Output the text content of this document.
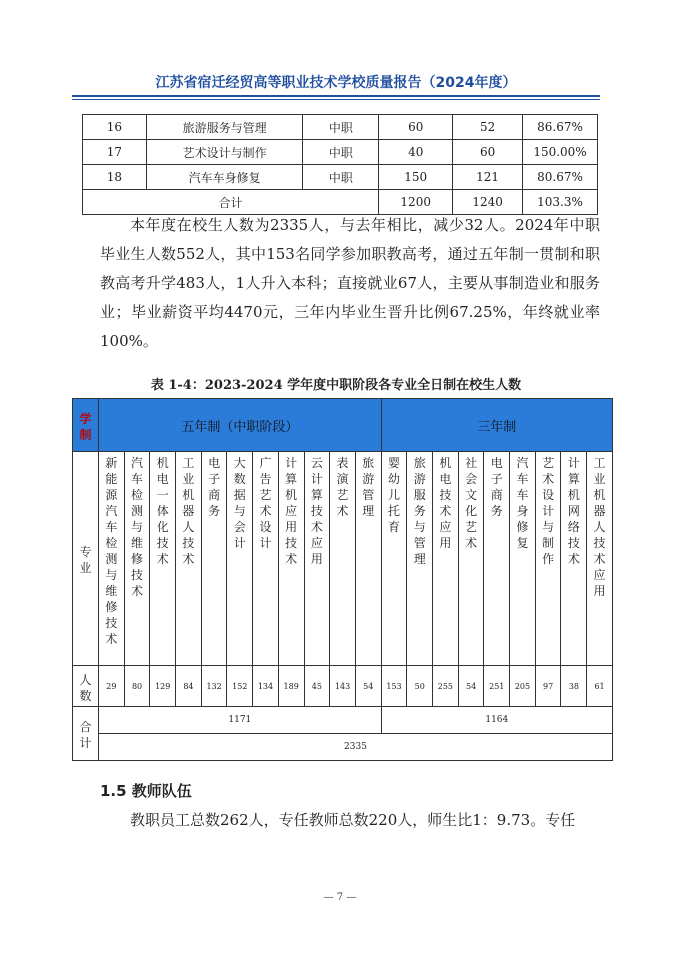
江苏省宿迁经贸高等职业技术学校质量报告（2024年度）
16	旅游服务与管理	中职	60	52	86.67%
17	艺术设计与制作	中职	40	60	150.00%
18	汽车车身修复	中职	150	121	80.67%
合计			1200	1240	103.3%
本年度在校生人数为2335人，与去年相比，减少32人。2024年中职毕业生人数552人，其中153名同学参加职教高考，通过五年制一贯制和职教高考升学483人，1人升入本科；直接就业67人，主要从事制造业和服务业；毕业薪资平均4470元，三年内毕业生晋升比例67.25%，年终就业率100%。
表 1-4：2023-2024 学年度中职阶段各专业全日制在校生人数
学制	五年制（中职阶段）											三年制								
专业	新能源汽车检测与维修技术	汽车检测与维修技术	机电一体化技术	工业机器人技术	电子商务	大数据与会计	广告艺术设计	计算机应用技术	云计算技术应用	表演艺术	旅游管理	婴幼儿托育	旅游服务与管理	机电技术应用	社会文化艺术	电子商务	汽车车身修复	艺术设计与制作	计算机网络技术	工业机器人技术应用
人数	29	80	129	84	132	152	134	189	45	143	54	153	50	255	54	251	205	97	38	61
合计	1171											1164								
	2335																			
1.5 教师队伍
教职员工总数262人，专任教师总数220人，师生比1：9.73。专任
— 7 —
